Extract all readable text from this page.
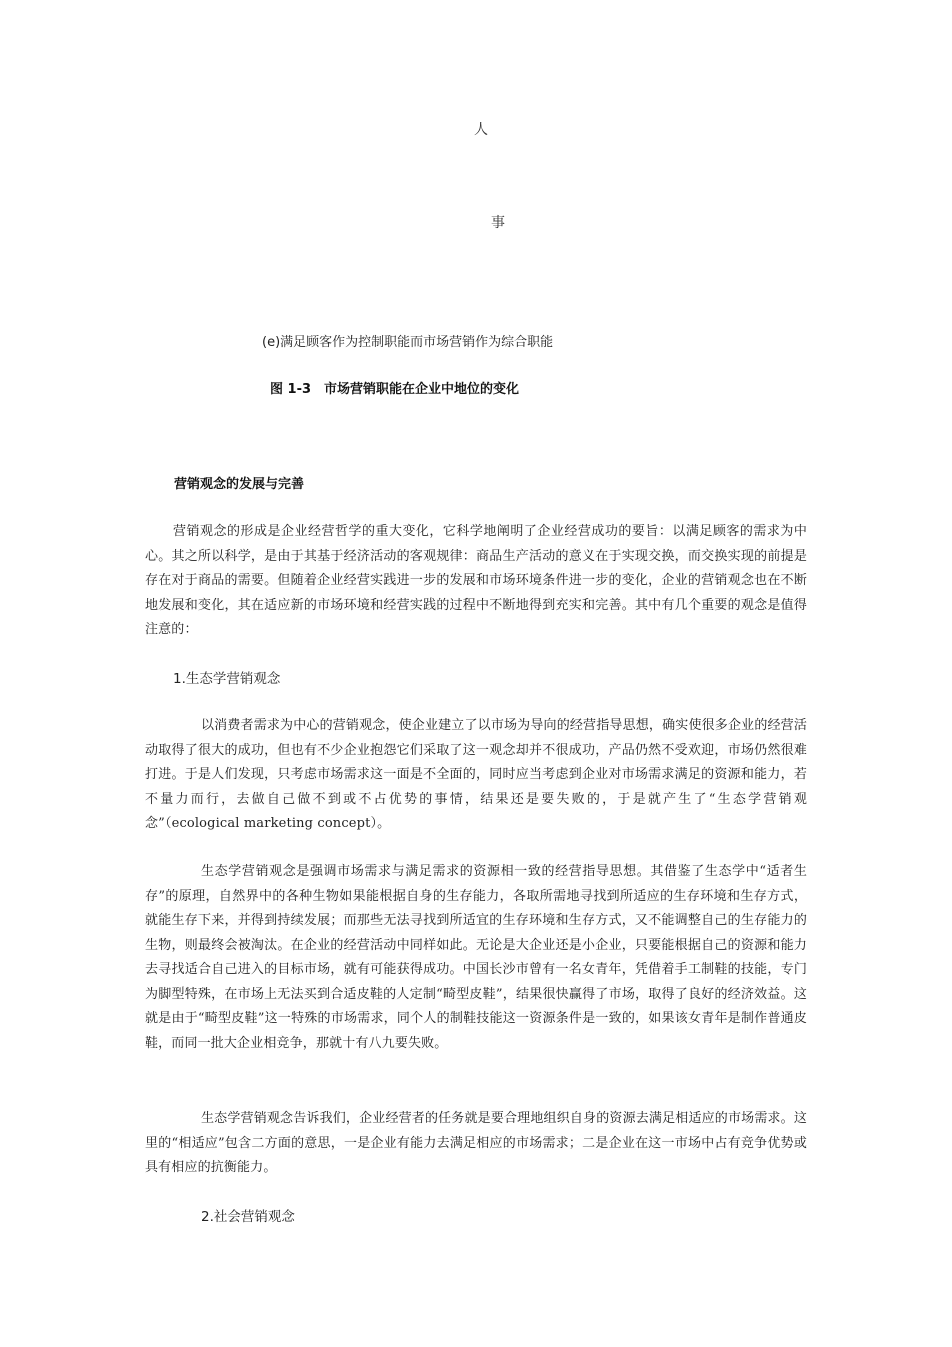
人
事
(e)满足顾客作为控制职能而市场营销作为综合职能
图 1-3　市场营销职能在企业中地位的变化
营销观念的发展与完善

营销观念的形成是企业经营哲学的重大变化，它科学地阐明了企业经营成功的要旨：以满足顾客的需求为中心。其之所以科学，是由于其基于经济活动的客观规律：商品生产活动的意义在于实现交换，而交换实现的前提是存在对于商品的需要。但随着企业经营实践进一步的发展和市场环境条件进一步的变化，企业的营销观念也在不断地发展和变化，其在适应新的市场环境和经营实践的过程中不断地得到充实和完善。其中有几个重要的观念是值得注意的：

1.生态学营销观念

以消费者需求为中心的营销观念，使企业建立了以市场为导向的经营指导思想，确实使很多企业的经营活动取得了很大的成功，但也有不少企业抱怨它们采取了这一观念却并不很成功，产品仍然不受欢迎，市场仍然很难打进。于是人们发现，只考虑市场需求这一面是不全面的，同时应当考虑到企业对市场需求满足的资源和能力，若不量力而行，去做自己做不到或不占优势的事情，结果还是要失败的，于是就产生了“生态学营销观念”（ecological marketing concept）。

生态学营销观念是强调市场需求与满足需求的资源相一致的经营指导思想。其借鉴了生态学中“适者生存”的原理，自然界中的各种生物如果能根据自身的生存能力，各取所需地寻找到所适应的生存环境和生存方式，就能生存下来，并得到持续发展；而那些无法寻找到所适宜的生存环境和生存方式，又不能调整自己的生存能力的生物，则最终会被淘汰。在企业的经营活动中同样如此。无论是大企业还是小企业，只要能根据自己的资源和能力去寻找适合自己进入的目标市场，就有可能获得成功。中国长沙市曾有一名女青年，凭借着手工制鞋的技能，专门为脚型特殊，在市场上无法买到合适皮鞋的人定制“畸型皮鞋”，结果很快赢得了市场，取得了良好的经济效益。这就是由于“畸型皮鞋”这一特殊的市场需求，同个人的制鞋技能这一资源条件是一致的，如果该女青年是制作普通皮鞋，而同一批大企业相竞争，那就十有八九要失败。

生态学营销观念告诉我们，企业经营者的任务就是要合理地组织自身的资源去满足相适应的市场需求。这里的“相适应”包含二方面的意思，一是企业有能力去满足相应的市场需求；二是企业在这一市场中占有竞争优势或具有相应的抗衡能力。

2.社会营销观念
